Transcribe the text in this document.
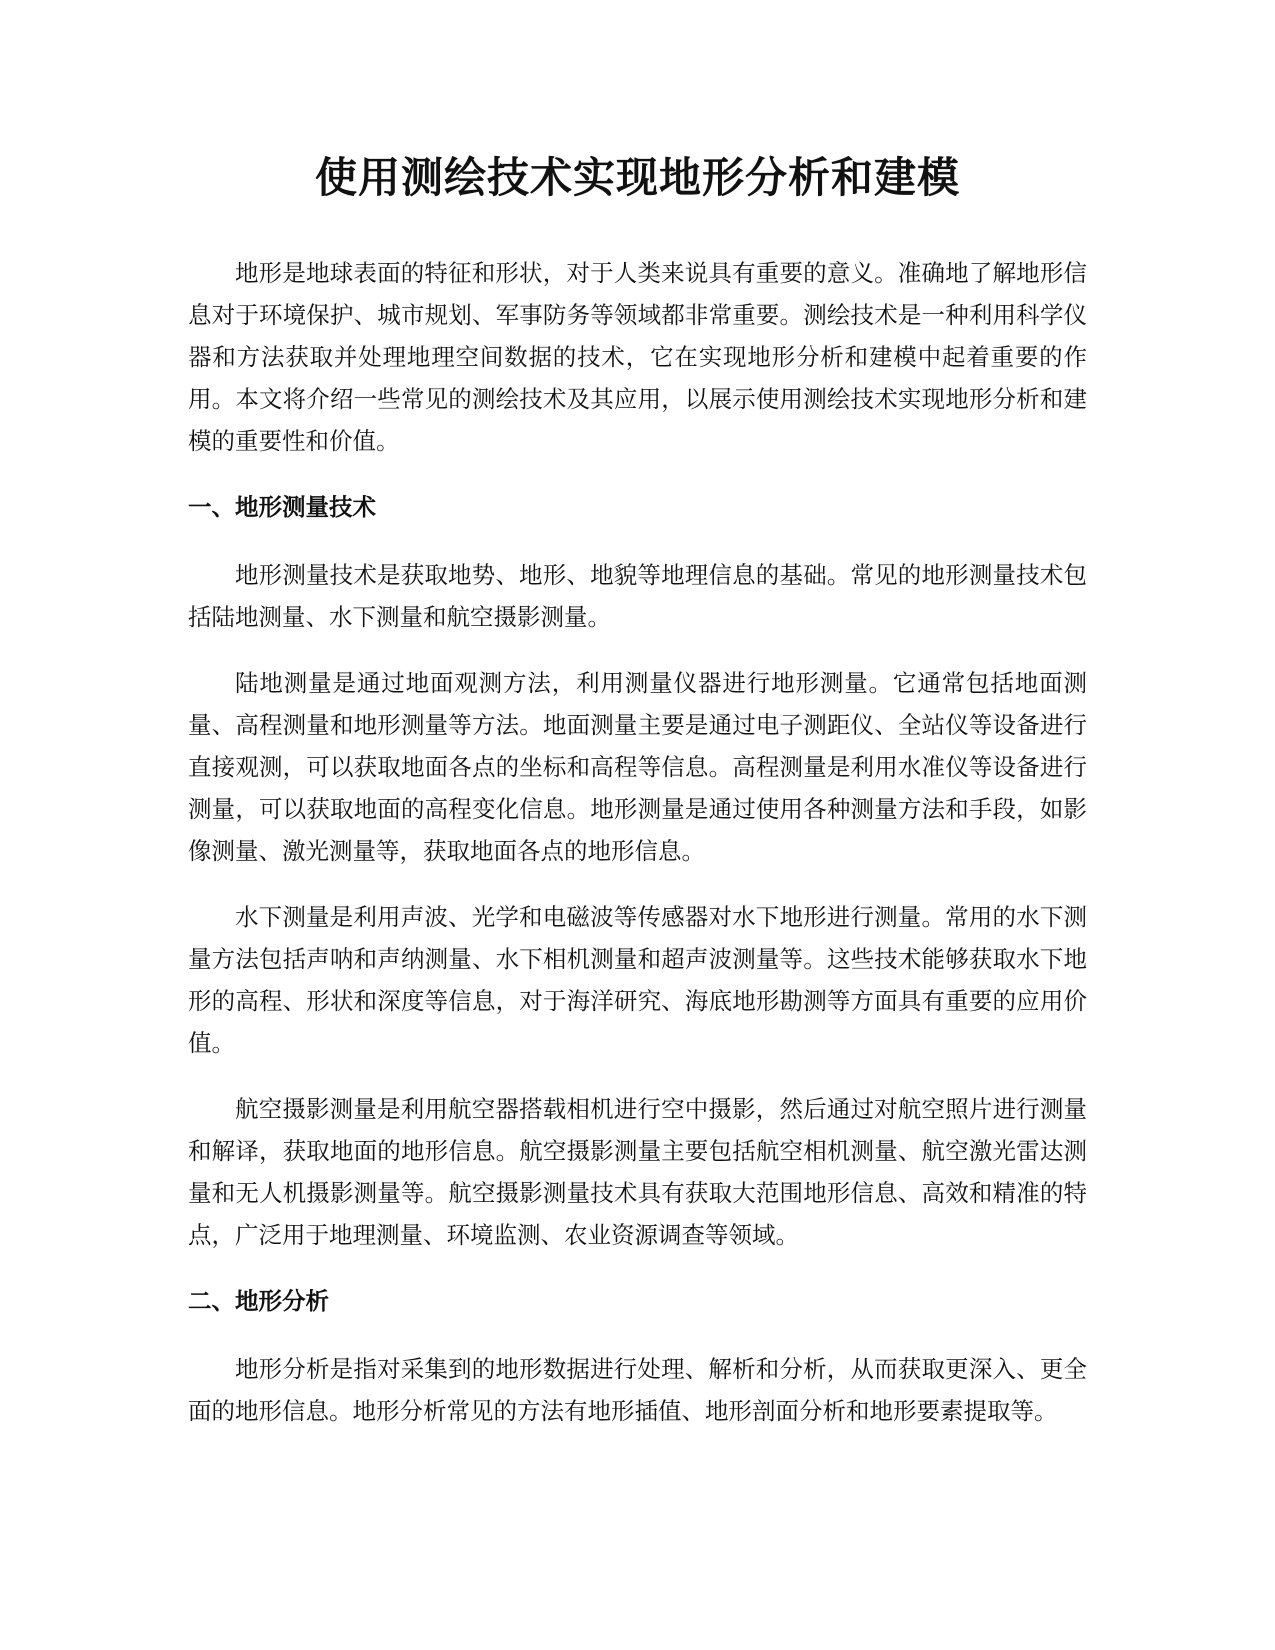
使用测绘技术实现地形分析和建模

地形是地球表面的特征和形状，对于人类来说具有重要的意义。准确地了解地形信息对于环境保护、城市规划、军事防务等领域都非常重要。测绘技术是一种利用科学仪器和方法获取并处理地理空间数据的技术，它在实现地形分析和建模中起着重要的作用。本文将介绍一些常见的测绘技术及其应用，以展示使用测绘技术实现地形分析和建模的重要性和价值。

一、地形测量技术

地形测量技术是获取地势、地形、地貌等地理信息的基础。常见的地形测量技术包括陆地测量、水下测量和航空摄影测量。

陆地测量是通过地面观测方法，利用测量仪器进行地形测量。它通常包括地面测量、高程测量和地形测量等方法。地面测量主要是通过电子测距仪、全站仪等设备进行直接观测，可以获取地面各点的坐标和高程等信息。高程测量是利用水准仪等设备进行测量，可以获取地面的高程变化信息。地形测量是通过使用各种测量方法和手段，如影像测量、激光测量等，获取地面各点的地形信息。

水下测量是利用声波、光学和电磁波等传感器对水下地形进行测量。常用的水下测量方法包括声呐和声纳测量、水下相机测量和超声波测量等。这些技术能够获取水下地形的高程、形状和深度等信息，对于海洋研究、海底地形勘测等方面具有重要的应用价值。

航空摄影测量是利用航空器搭载相机进行空中摄影，然后通过对航空照片进行测量和解译，获取地面的地形信息。航空摄影测量主要包括航空相机测量、航空激光雷达测量和无人机摄影测量等。航空摄影测量技术具有获取大范围地形信息、高效和精准的特点，广泛用于地理测量、环境监测、农业资源调查等领域。

二、地形分析

地形分析是指对采集到的地形数据进行处理、解析和分析，从而获取更深入、更全面的地形信息。地形分析常见的方法有地形插值、地形剖面分析和地形要素提取等。
